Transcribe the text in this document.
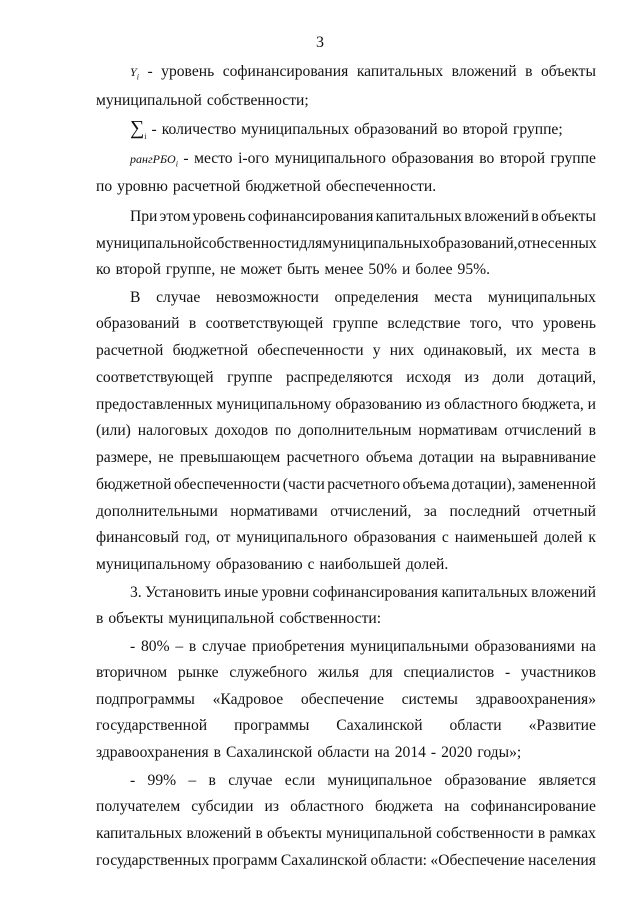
3
$Y_i$ - уровень софинансирования капитальных вложений в объекты
муниципальной собственности;
$\sum_i$ - количество муниципальных образований во второй группе;
рангРБО$_i$ - место i-ого муниципального образования во второй группе
по уровню расчетной бюджетной обеспеченности.
При этом уровень софинансирования капитальных вложений в объекты
муниципальной собственности для муниципальных образований, отнесенных
ко второй группе, не может быть менее 50% и более 95%.
В случае невозможности определения места муниципальных
образований в соответствующей группе вследствие того, что уровень
расчетной бюджетной обеспеченности у них одинаковый, их места в
соответствующей группе распределяются исходя из доли дотаций,
предоставленных муниципальному образованию из областного бюджета, и
(или) налоговых доходов по дополнительным нормативам отчислений в
размере, не превышающем расчетного объема дотации на выравнивание
бюджетной обеспеченности (части расчетного объема дотации), замененной
дополнительными нормативами отчислений, за последний отчетный
финансовый год, от муниципального образования с наименьшей долей к
муниципальному образованию с наибольшей долей.
3. Установить иные уровни софинансирования капитальных вложений
в объекты муниципальной собственности:
- 80% – в случае приобретения муниципальными образованиями на
вторичном рынке служебного жилья для специалистов - участников
подпрограммы «Кадровое обеспечение системы здравоохранения»
государственной программы Сахалинской области «Развитие
здравоохранения в Сахалинской области на 2014 - 2020 годы»;
- 99% – в случае если муниципальное образование является
получателем субсидии из областного бюджета на софинансирование
капитальных вложений в объекты муниципальной собственности в рамках
государственных программ Сахалинской области: «Обеспечение населения
